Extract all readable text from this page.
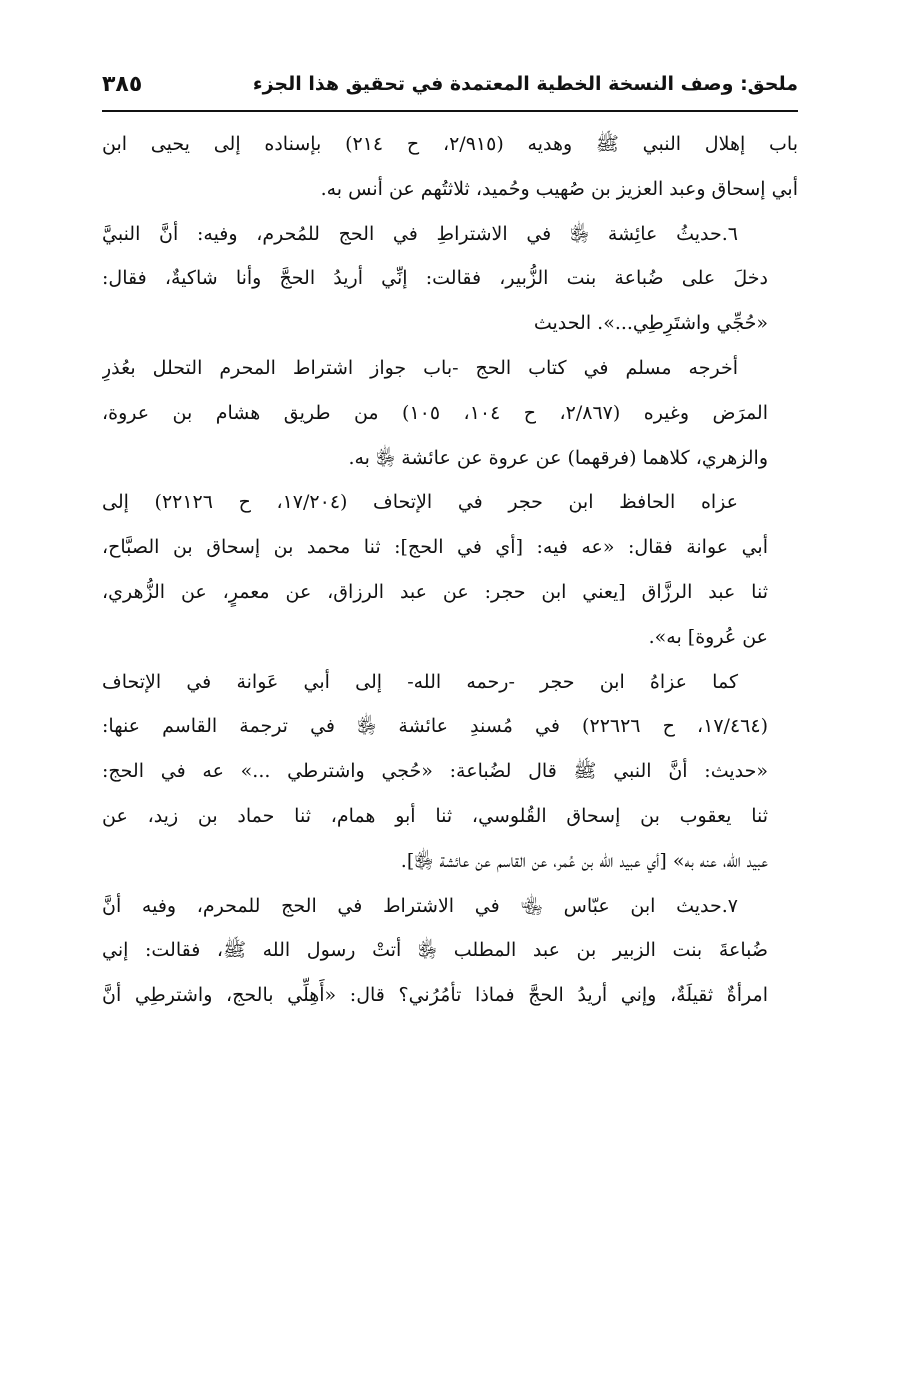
ملحق: وصف النسخة الخطية المعتمدة في تحقيق هذا الجزء
٣٨٥

باب إهلال النبي ﷺ وهديه (٢/٩١٥، ح ٢١٤) بإسناده إلى يحيى ابن
أبي إسحاق وعبد العزيز بن صُهيب وحُميد، ثلاثتُهم عن أنس به.

٦.حديثُ عائِشة ﵂ في الاشتراطِ في الحج للمُحرم، وفيه: أنَّ النبيَّ
دخلَ على ضُباعة بنت الزُّبير، فقالت: إنِّي أريدُ الحجَّ وأنا شاكيةٌ، فقال:
«حُجِّي واشتَرِطِي...». الحديث

أخرجه مسلم في كتاب الحج -باب جواز اشتراط المحرم التحلل بعُذرِ
المرَض وغيره (٢/٨٦٧، ح ١٠٤، ١٠٥) من طريق هشام بن عروة،
والزهري، كلاهما (فرقهما) عن عروة عن عائشة ﵂ به.

عزاه الحافظ ابن حجر في الإتحاف (١٧/٢٠٤، ح ٢٢١٢٦) إلى
أبي عوانة فقال: «عه فيه: [أي في الحج]: ثنا محمد بن إسحاق بن الصبَّاح،
ثنا عبد الرزَّاق [يعني ابن حجر: عن عبد الرزاق، عن معمرٍ، عن الزُّهري،
عن عُروة] به».

كما عزاهُ ابن حجر -رحمه الله- إلى أبي عَوانة في الإتحاف
(١٧/٤٦٤، ح ٢٢٦٢٦) في مُسندِ عائشة ﵂ في ترجمة القاسم عنها:
«حديث: أنَّ النبي ﷺ قال لضُباعة: «حُجي واشترطي ...» عه في الحج:
ثنا يعقوب بن إسحاق القُلوسي، ثنا أبو همام، ثنا حماد بن زيد، عن
عبيد الله، عنه به» [أي عبيد الله بن عُمر، عن القاسم عن عائشة ﵂].

٧.حديث ابن عبّاس ﵄ في الاشتراط في الحج للمحرم، وفيه أنَّ
ضُباعةَ بنت الزبير بن عبد المطلب ﵂ أتتْ رسول الله ﷺ، فقالت: إني
امرأةٌ ثقيلَةٌ، وإني أريدُ الحجَّ فماذا تأمُرُني؟ قال: «أَهِلِّي بالحج، واشترطِي أنَّ
